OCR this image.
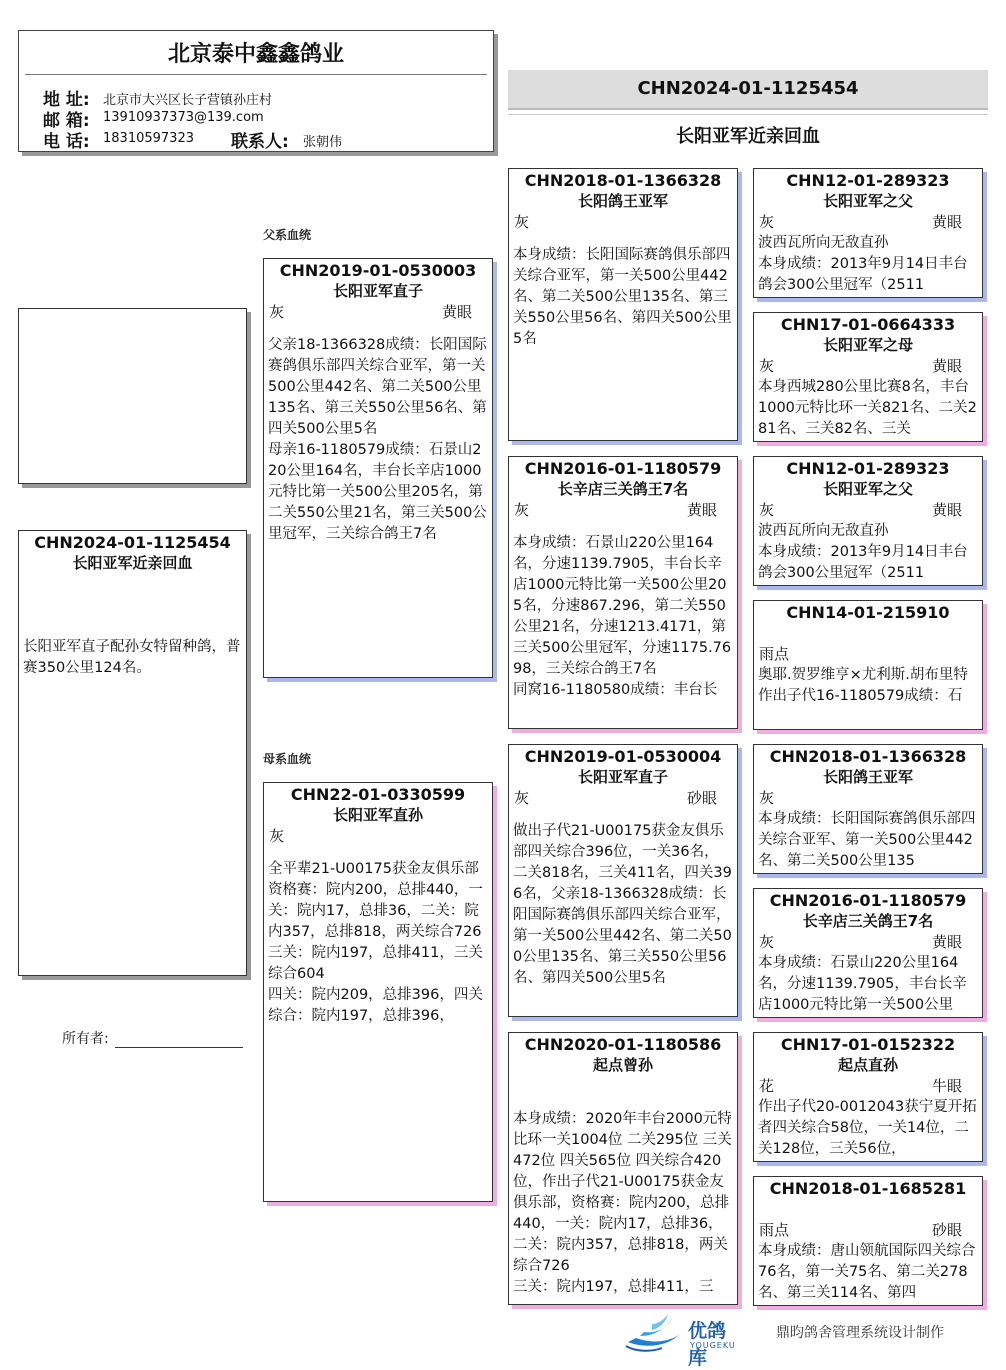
北京泰中鑫鑫鸽业
地 址: 北京市大兴区长子营镇孙庄村
邮 箱: 13910937373@139.com
电 话: 18310597323 联系人: 张朝伟
CHN2024-01-1125454
长阳亚军近亲回血
父系血统
母系血统
CHN2024-01-1125454
长阳亚军近亲回血
长阳亚军直子配孙女特留种鸽，普赛350公里124名。
所有者:
CHN2019-01-0530003
长阳亚军直子
灰	黄眼
父亲18-1366328成绩：长阳国际赛鸽俱乐部四关综合亚军，第一关500公里442名、第二关500公里135名、第三关550公里56名、第四关500公里5名
母亲16-1180579成绩：石景山220公里164名，丰台长辛店1000元特比第一关500公里205名，第二关550公里21名，第三关500公里冠军，三关综合鸽王7名
CHN22-01-0330599
长阳亚军直孙
灰
全平辈21-U00175获金友俱乐部资格赛：院内200，总排440，一关：院内17，总排36，二关：院内357，总排818，两关综合726
三关：院内197，总排411，三关综合604
四关：院内209，总排396，四关综合：院内197，总排396，
CHN2018-01-1366328
长阳鸽王亚军
灰
本身成绩：长阳国际赛鸽俱乐部四关综合亚军，第一关500公里442名、第二关500公里135名、第三关550公里56名、第四关500公里5名
CHN2016-01-1180579
长辛店三关鸽王7名
灰	黄眼
本身成绩：石景山220公里164名，分速1139.7905，丰台长辛店1000元特比第一关500公里205名，分速867.296，第二关550公里21名，分速1213.4171，第三关500公里冠军，分速1175.7698，三关综合鸽王7名
同窝16-1180580成绩：丰台长
CHN2019-01-0530004
长阳亚军直子
灰	砂眼
做出子代21-U00175获金友俱乐部四关综合396位，一关36名，二关818名，三关411名，四关396名，父亲18-1366328成绩：长阳国际赛鸽俱乐部四关综合亚军，第一关500公里442名、第二关500公里135名、第三关550公里56名、第四关500公里5名
CHN2020-01-1180586
起点曾孙
本身成绩：2020年丰台2000元特比环一关1004位 二关295位 三关472位 四关565位 四关综合420位，作出子代21-U00175获金友俱乐部，资格赛：院内200，总排440，一关：院内17，总排36，二关：院内357，总排818，两关综合726
三关：院内197，总排411，三
CHN12-01-289323
长阳亚军之父
灰	黄眼
波西瓦所向无敌直孙
本身成绩：2013年9月14日丰台鸽会300公里冠军（2511
CHN17-01-0664333
长阳亚军之母
灰	黄眼
本身西城280公里比赛8名，丰台1000元特比环一关821名、二关281名、三关82名、三关
CHN12-01-289323
长阳亚军之父
灰	黄眼
波西瓦所向无敌直孙
本身成绩：2013年9月14日丰台鸽会300公里冠军（2511
CHN14-01-215910
雨点
奥耶.贺罗维亨×尤利斯.胡布里特
作出子代16-1180579成绩：石
CHN2018-01-1366328
长阳鸽王亚军
灰
本身成绩：长阳国际赛鸽俱乐部四关综合亚军、第一关500公里442名、第二关500公里135
CHN2016-01-1180579
长辛店三关鸽王7名
灰	黄眼
本身成绩：石景山220公里164名，分速1139.7905，丰台长辛店1000元特比第一关500公里
CHN17-01-0152322
起点直孙
花	牛眼
作出子代20-0012043获宁夏开拓者四关综合58位，一关14位，二关128位，三关56位，
CHN2018-01-1685281
雨点	砂眼
本身成绩：唐山领航国际四关综合76名，第一关75名、第二关278名、第三关114名、第四
优鸽库
YOUGEKU
鼎昀鸽舍管理系统设计制作
